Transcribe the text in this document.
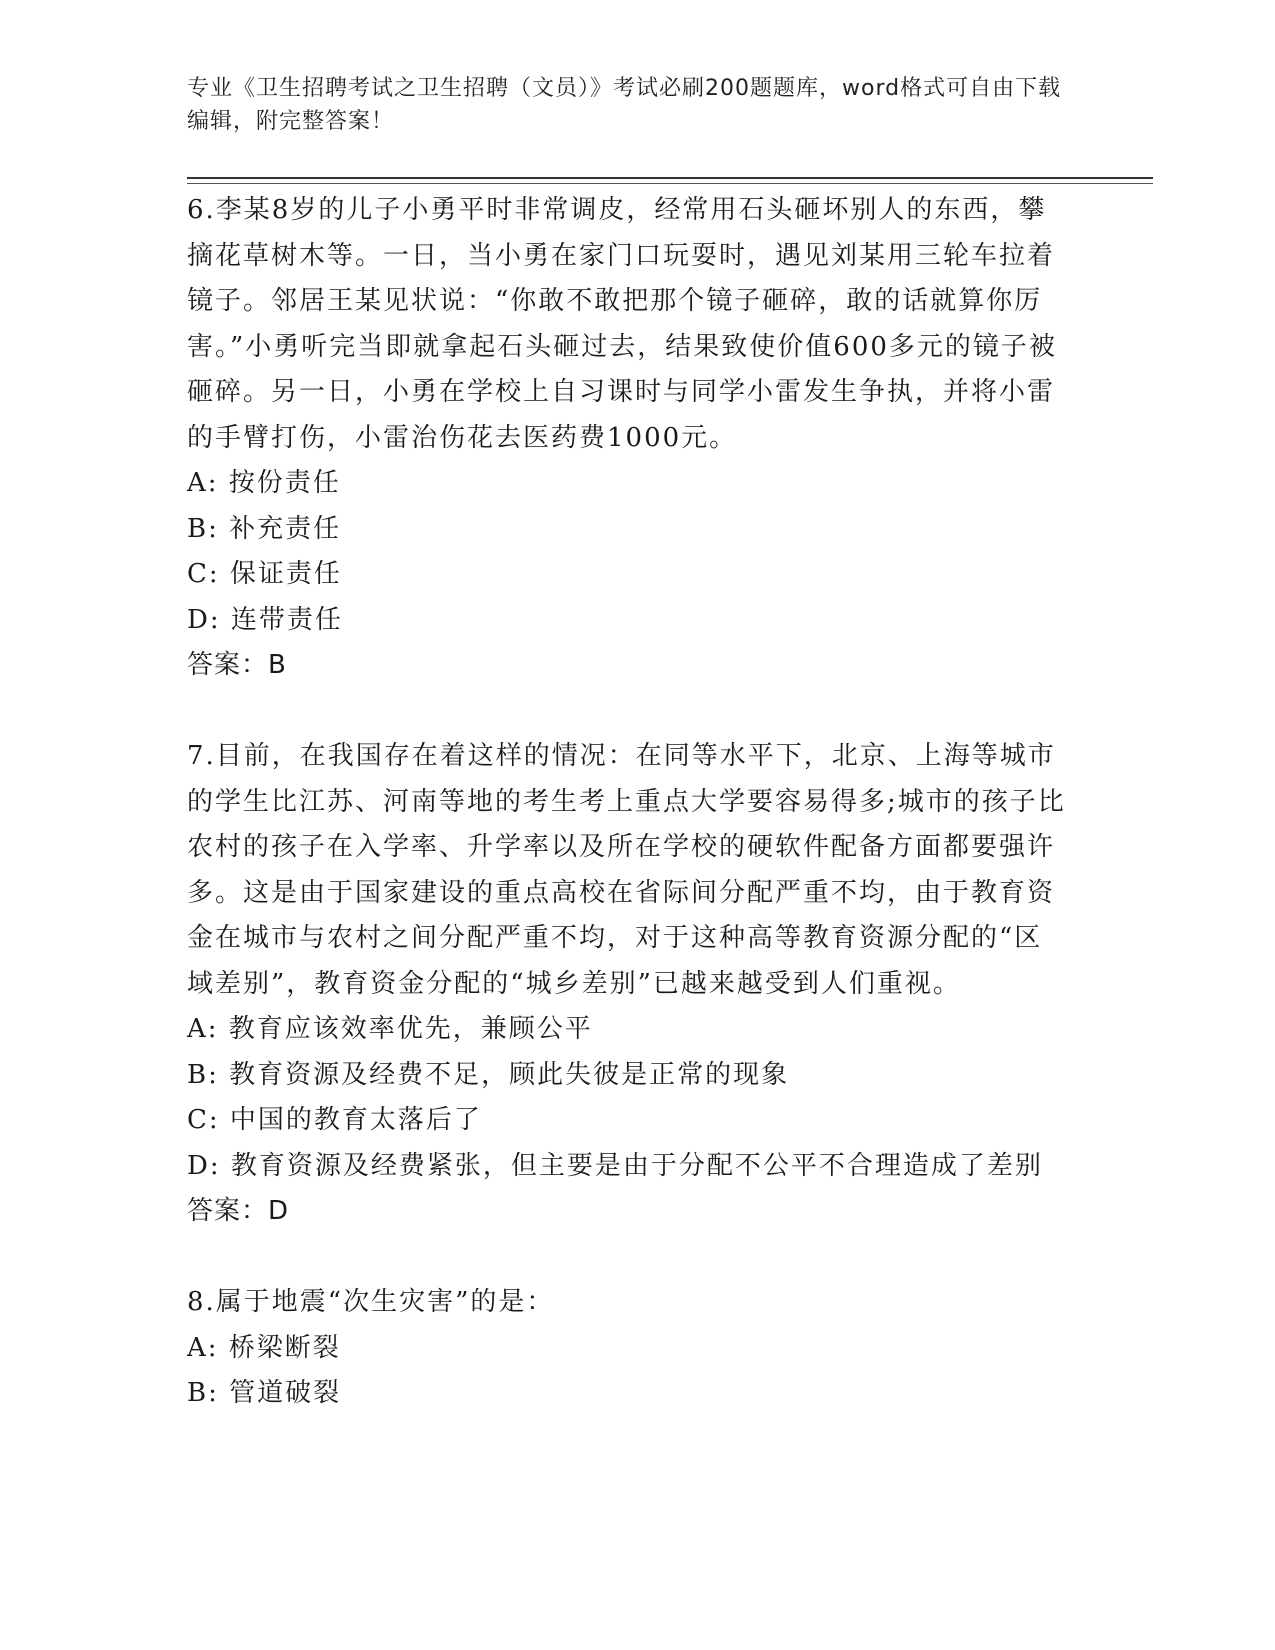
专业《卫生招聘考试之卫生招聘（文员）》考试必刷200题题库，word格式可自由下载编辑，附完整答案！

6.李某8岁的儿子小勇平时非常调皮，经常用石头砸坏别人的东西，攀摘花草树木等。一日，当小勇在家门口玩耍时，遇见刘某用三轮车拉着镜子。邻居王某见状说：“你敢不敢把那个镜子砸碎，敢的话就算你厉害。”小勇听完当即就拿起石头砸过去，结果致使价值600多元的镜子被砸碎。另一日，小勇在学校上自习课时与同学小雷发生争执，并将小雷的手臂打伤，小雷治伤花去医药费1000元。

A: 按份责任

B: 补充责任

C: 保证责任

D: 连带责任

答案：B

7.目前，在我国存在着这样的情况：在同等水平下，北京、上海等城市的学生比江苏、河南等地的考生考上重点大学要容易得多;城市的孩子比农村的孩子在入学率、升学率以及所在学校的硬软件配备方面都要强许多。这是由于国家建设的重点高校在省际间分配严重不均，由于教育资金在城市与农村之间分配严重不均，对于这种高等教育资源分配的“区域差别”，教育资金分配的“城乡差别”已越来越受到人们重视。

A: 教育应该效率优先，兼顾公平

B: 教育资源及经费不足，顾此失彼是正常的现象

C: 中国的教育太落后了

D: 教育资源及经费紧张，但主要是由于分配不公平不合理造成了差别

答案：D

8.属于地震“次生灾害”的是：

A: 桥梁断裂

B: 管道破裂
